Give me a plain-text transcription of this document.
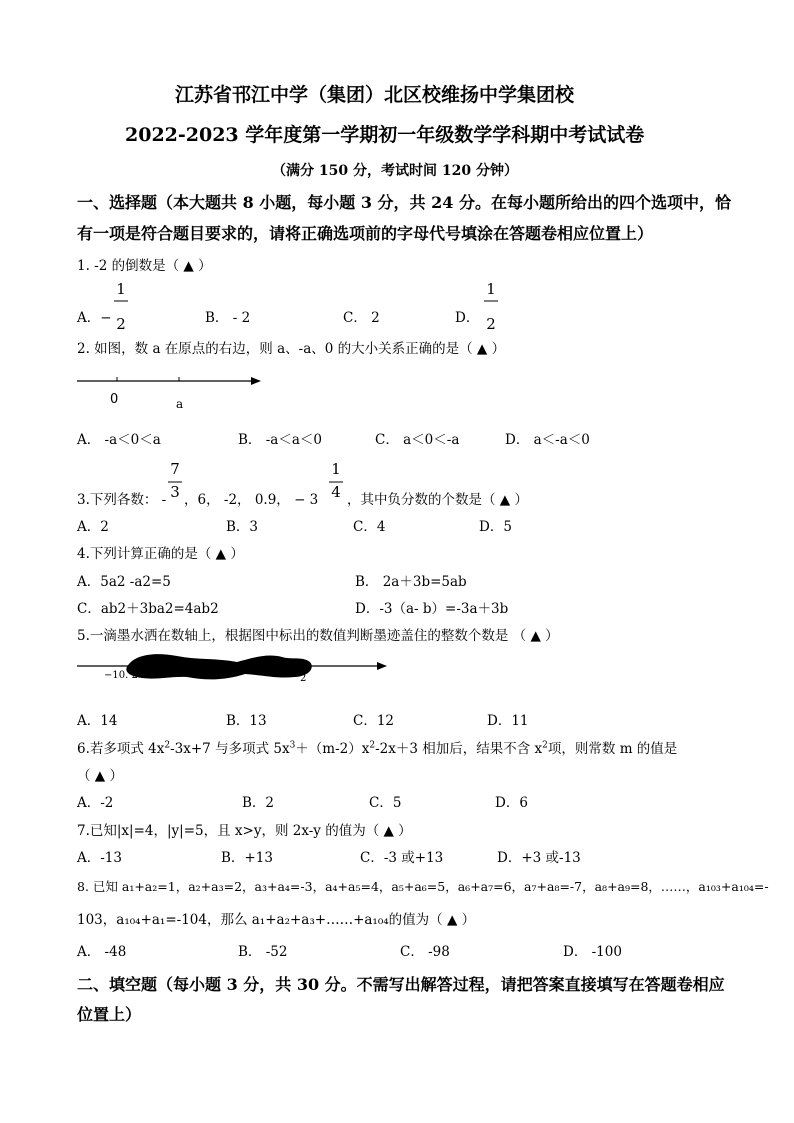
江苏省邗江中学（集团）北区校维扬中学集团校
2022-2023 学年度第一学期初一年级数学学科期中考试试卷
（满分 150 分，考试时间 120 分钟）
一、选择题（本大题共 8 小题，每小题 3 分，共 24 分。在每小题所给出的四个选项中，恰
有一项是符合题目要求的，请将正确选项前的字母代号填涂在答题卷相应位置上）
1. -2 的倒数是（ ▲ ）
A．−
1
2	B． - 2	C． 2	D．
1
2
2. 如图，数 a 在原点的右边，则 a、-a、0 的大小关系正确的是（ ▲ ）
0	a
A． -a＜0＜a	B． -a＜a＜0	C． a＜0＜-a	D． a＜-a＜0
3.下列各数： -
7
3 ，6， -2， 0.9， − 3
1
4 ，其中负分数的个数是（ ▲ ）
A．2	B．3	C．4	D．5
4.下列计算正确的是（ ▲ ）
A．5a2 -a2=5	B． 2a＋3b=5ab
C．ab2＋3ba2=4ab2	D．-3（a- b）=-3a＋3b
5.一滴墨水洒在数轴上，根据图中标出的数值判断墨迹盖住的整数个数是 （ ▲ ）
−10. 2	2
A．14	B．13	C．12	D．11
6.若多项式 $4x^2-3x+7$ 与多项式 $5x^3+(m-2)x^2-2x+3$ 相加后，结果不含 $x^2$项，则常数 m 的值是
（ ▲ ）
A．-2	B．2	C．5	D．6
7.已知|x|=4，|y|=5，且 x>y，则 2x-y 的值为（ ▲ ）
A．-13	B．+13	C．-3 或+13	D．+3 或-13
8. 已知 a₁+a₂=1，a₂+a₃=2，a₃+a₄=-3，a₄+a₅=4，a₅+a₆=5，a₆+a₇=6，a₇+a₈=-7，a₈+a₉=8，……，a₁₀₃+a₁₀₄=-
103，a₁₀₄+a₁=-104，那么 a₁+a₂+a₃+……+a₁₀₄的值为（ ▲ ）
A． -48	B． -52	C． -98	D． -100
二、填空题（每小题 3 分，共 30 分。不需写出解答过程，请把答案直接填写在答题卷相应
位置上）
